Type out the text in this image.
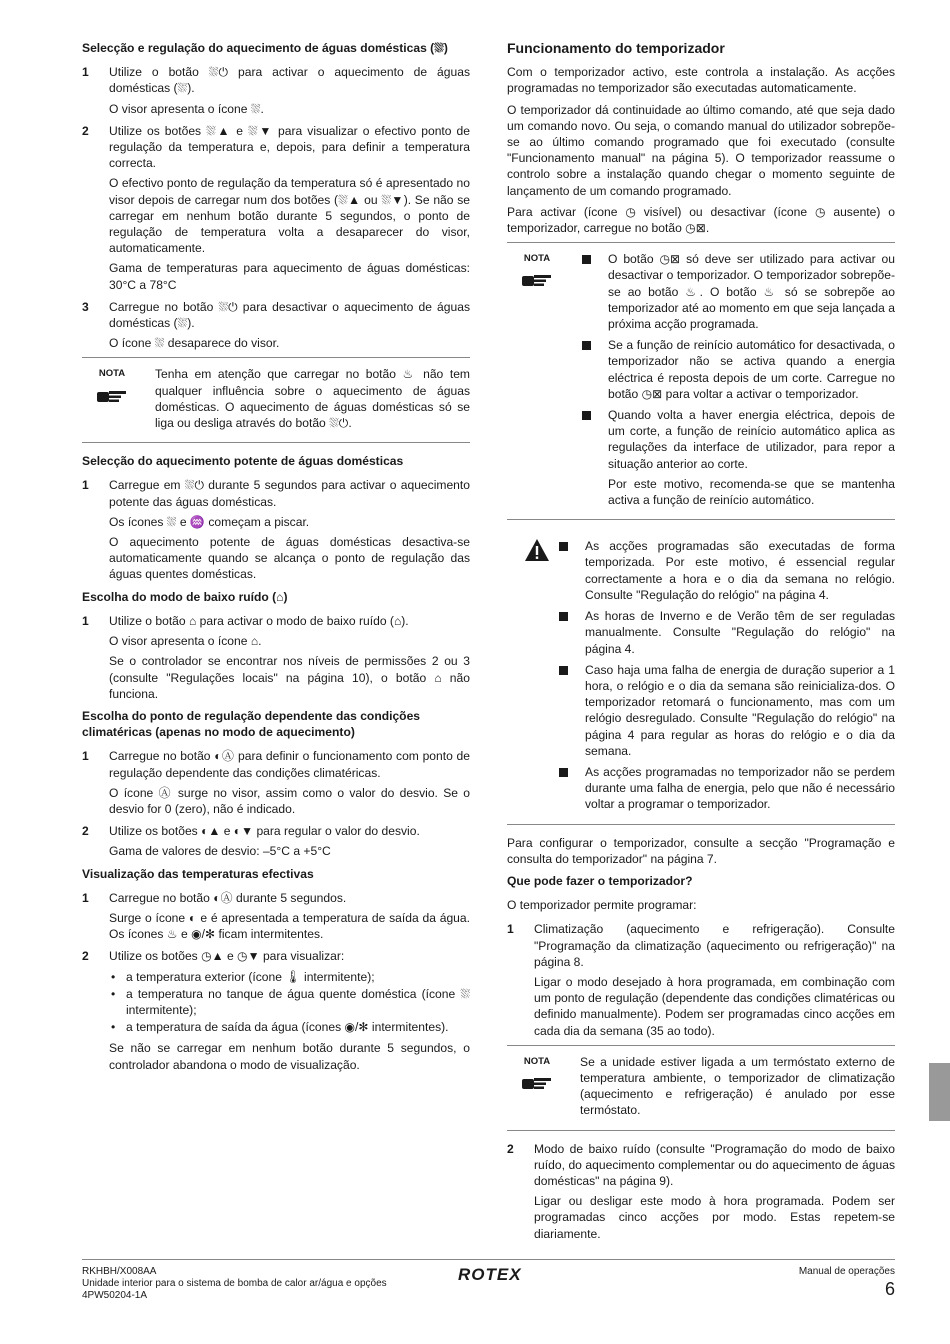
Selecção e regulação do aquecimento de águas domésticas (⛆)
1 Utilize o botão ⛆⏻ para activar o aquecimento de águas domésticas (⛆).

O visor apresenta o ícone ⛆.

2 Utilize os botões ⛆▲ e ⛆▼ para visualizar o efectivo ponto de regulação da temperatura e, depois, para definir a temperatura correcta.

O efectivo ponto de regulação da temperatura só é apresentado no visor depois de carregar num dos botões (⛆▲ ou ⛆▼). Se não se carregar em nenhum botão durante 5 segundos, o ponto de regulação de temperatura volta a desaparecer do visor, automaticamente.

Gama de temperaturas para aquecimento de águas domésticas: 30°C a 78°C

3 Carregue no botão ⛆⏻ para desactivar o aquecimento de águas domésticas (⛆).

O ícone ⛆ desaparece do visor.

NOTA	Tenha em atenção que carregar no botão ♨ não tem qualquer influência sobre o aquecimento de águas domésticas. O aquecimento de águas domésticas só se liga ou desliga através do botão ⛆⏻.

Selecção do aquecimento potente de águas domésticas
1 Carregue em ⛆⏻ durante 5 segundos para activar o aquecimento potente das águas domésticas.

Os ícones ⛆ e ♒ começam a piscar.

O aquecimento potente de águas domésticas desactiva-se automaticamente quando se alcança o ponto de regulação das águas quentes domésticas.

Escolha do modo de baixo ruído (⌂)
1 Utilize o botão ⌂ para activar o modo de baixo ruído (⌂).

O visor apresenta o ícone ⌂.

Se o controlador se encontrar nos níveis de permissões 2 ou 3 (consulte "Regulações locais" na página 10), o botão ⌂ não funciona.

Escolha do ponto de regulação dependente das condições climatéricas (apenas no modo de aquecimento)
1 Carregue no botão ◐Ⓐ para definir o funcionamento com ponto de regulação dependente das condições climatéricas.

O ícone Ⓐ surge no visor, assim como o valor do desvio. Se o desvio for 0 (zero), não é indicado.

2 Utilize os botões ◐▲ e ◐▼ para regular o valor do desvio.

Gama de valores de desvio: –5°C a +5°C

Visualização das temperaturas efectivas
1 Carregue no botão ◐Ⓐ durante 5 segundos.

Surge o ícone ◐ e é apresentada a temperatura de saída da água. Os ícones ♨ e ◉/✻ ficam intermitentes.

2 Utilize os botões ◷▲ e ◷▼ para visualizar:

• a temperatura exterior (ícone 🌡 intermitente);
• a temperatura no tanque de água quente doméstica (ícone ⛆ intermitente);
• a temperatura de saída da água (ícones ◉/✻ intermitentes).

Se não se carregar em nenhum botão durante 5 segundos, o controlador abandona o modo de visualização.

Funcionamento do temporizador

Com o temporizador activo, este controla a instalação. As acções programadas no temporizador são executadas automaticamente.

O temporizador dá continuidade ao último comando, até que seja dado um comando novo. Ou seja, o comando manual do utilizador sobrepõe-se ao último comando programado que foi executado (consulte "Funcionamento manual" na página 5). O temporizador reassume o controlo sobre a instalação quando chegar o momento seguinte de lançamento de um comando programado.

Para activar (ícone ◷ visível) ou desactivar (ícone ◷ ausente) o temporizador, carregue no botão ◷⊠.

NOTA	O botão ◷⊠ só deve ser utilizado para activar ou desactivar o temporizador. O temporizador sobrepõe-se ao botão ♨. O botão ♨ só se sobrepõe ao temporizador até ao momento em que seja lançada a próxima acção programada.

Se a função de reinício automático for desactivada, o temporizador não se activa quando a energia eléctrica é reposta depois de um corte. Carregue no botão ◷⊠ para voltar a activar o temporizador.

Quando volta a haver energia eléctrica, depois de um corte, a função de reinício automático aplica as regulações da interface de utilizador, para repor a situação anterior ao corte.

Por este motivo, recomenda-se que se mantenha activa a função de reinício automático.

As acções programadas são executadas de forma temporizada. Por este motivo, é essencial regular correctamente a hora e o dia da semana no relógio. Consulte "Regulação do relógio" na página 4.

As horas de Inverno e de Verão têm de ser reguladas manualmente. Consulte "Regulação do relógio" na página 4.

Caso haja uma falha de energia de duração superior a 1 hora, o relógio e o dia da semana são reinicializa-dos. O temporizador retomará o funcionamento, mas com um relógio desregulado. Consulte "Regulação do relógio" na página 4 para regular as horas do relógio e o dia da semana.

As acções programadas no temporizador não se perdem durante uma falha de energia, pelo que não é necessário voltar a programar o temporizador.

Para configurar o temporizador, consulte a secção "Programação e consulta do temporizador" na página 7.

Que pode fazer o temporizador?

O temporizador permite programar:

1 Climatização (aquecimento e refrigeração). Consulte "Programação da climatização (aquecimento ou refrigeração)" na página 8.

Ligar o modo desejado à hora programada, em combinação com um ponto de regulação (dependente das condições climatéricas ou definido manualmente). Podem ser programadas cinco acções em cada dia da semana (35 ao todo).

NOTA	Se a unidade estiver ligada a um termóstato externo de temperatura ambiente, o temporizador de climatização (aquecimento e refrigeração) é anulado por esse termóstato.

2 Modo de baixo ruído (consulte "Programação do modo de baixo ruído, do aquecimento complementar ou do aquecimento de águas domésticas" na página 9).

Ligar ou desligar este modo à hora programada. Podem ser programadas cinco acções por modo. Estas repetem-se diariamente.

RKHBH/X008AA
Unidade interior para o sistema de bomba de calor ar/água e opções
4PW50204-1A
ROTEX	Manual de operações
6
